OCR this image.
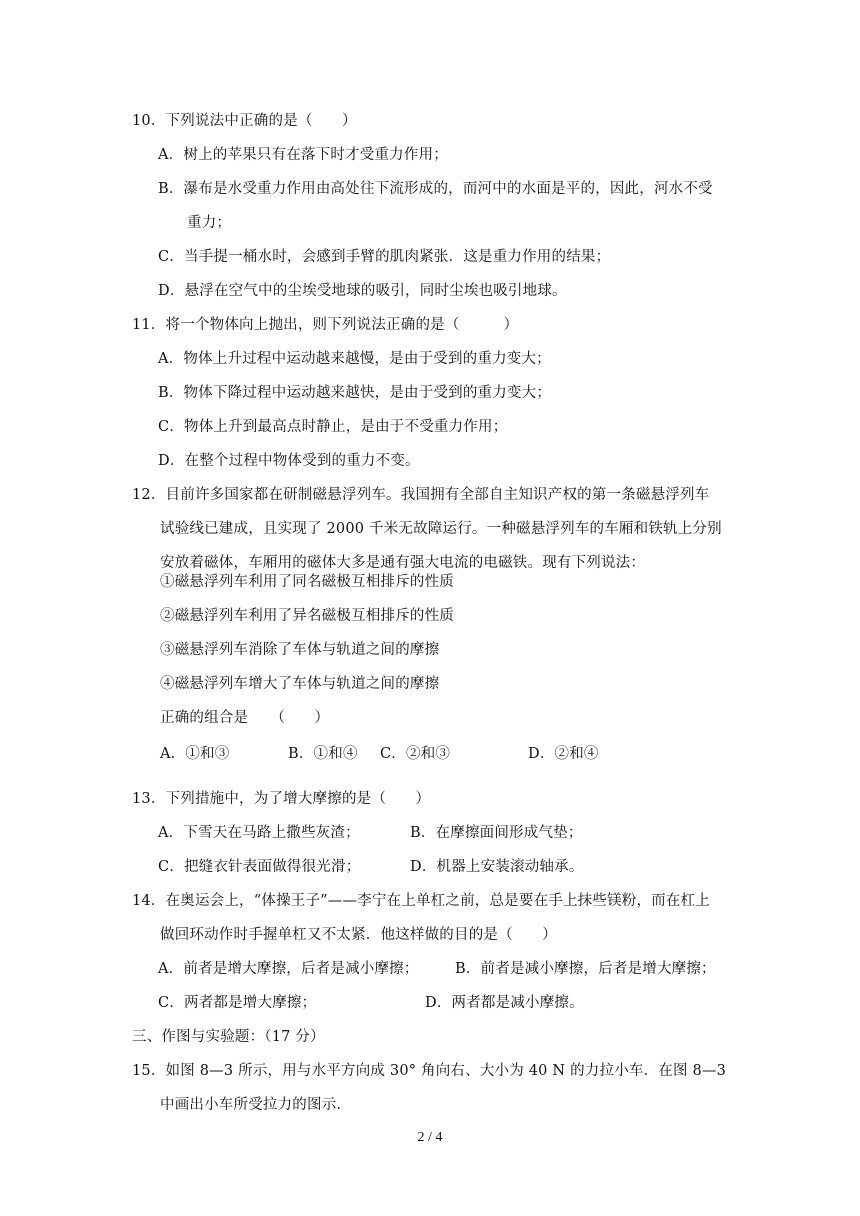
10．下列说法中正确的是（　　）
A．树上的苹果只有在落下时才受重力作用；
B．瀑布是水受重力作用由高处往下流形成的，而河中的水面是平的，因此，河水不受
重力；
C．当手提一桶水时，会感到手臂的肌肉紧张．这是重力作用的结果；
D．悬浮在空气中的尘埃受地球的吸引，同时尘埃也吸引地球。
11．将一个物体向上抛出，则下列说法正确的是（　　　）
A．物体上升过程中运动越来越慢，是由于受到的重力变大；
B．物体下降过程中运动越来越快，是由于受到的重力变大；
C．物体上升到最高点时静止，是由于不受重力作用；
D．在整个过程中物体受到的重力不变。
12．目前许多国家都在研制磁悬浮列车。我国拥有全部自主知识产权的第一条磁悬浮列车
试验线已建成，且实现了 2000 千米无故障运行。一种磁悬浮列车的车厢和铁轨上分别
安放着磁体，车厢用的磁体大多是通有强大电流的电磁铁。现有下列说法：
①磁悬浮列车利用了同名磁极互相排斥的性质
②磁悬浮列车利用了异名磁极互相排斥的性质
③磁悬浮列车消除了车体与轨道之间的摩擦
④磁悬浮列车增大了车体与轨道之间的摩擦
正确的组合是　　（　　）
A．①和③	B．①和④ C．②和③	D．②和④
13．下列措施中，为了增大摩擦的是（　　）
A．下雪天在马路上撒些灰渣；	B．在摩擦面间形成气垫；
C．把缝衣针表面做得很光滑；	D．机器上安装滚动轴承。
14．在奥运会上，“体操王子”——李宁在上单杠之前，总是要在手上抹些镁粉，而在杠上
做回环动作时手握单杠又不太紧．他这样做的目的是（　　）
A．前者是增大摩擦，后者是减小摩擦；	B．前者是减小摩擦，后者是增大摩擦；
C．两者都是增大摩擦；	D．两者都是减小摩擦。
三、作图与实验题：（17 分）
15．如图 8—3 所示，用与水平方向成 30° 角向右、大小为 40 N 的力拉小车．在图 8—3
中画出小车所受拉力的图示.
2 / 4
